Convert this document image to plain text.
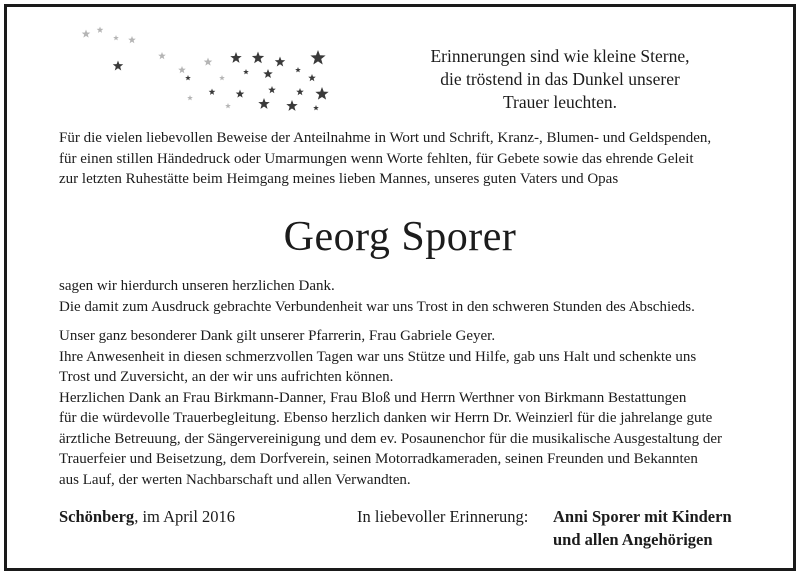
Erinnerungen sind wie kleine Sterne,
die tröstend in das Dunkel unserer
Trauer leuchten.

Für die vielen liebevollen Beweise der Anteilnahme in Wort und Schrift, Kranz-, Blumen- und Geldspenden,
für einen stillen Händedruck oder Umarmungen wenn Worte fehlten, für Gebete sowie das ehrende Geleit
zur letzten Ruhestätte beim Heimgang meines lieben Mannes, unseres guten Vaters und Opas

Georg Sporer

sagen wir hierdurch unseren herzlichen Dank.
Die damit zum Ausdruck gebrachte Verbundenheit war uns Trost in den schweren Stunden des Abschieds.

Unser ganz besonderer Dank gilt unserer Pfarrerin, Frau Gabriele Geyer.
Ihre Anwesenheit in diesen schmerzvollen Tagen war uns Stütze und Hilfe, gab uns Halt und schenkte uns
Trost und Zuversicht, an der wir uns aufrichten können.
Herzlichen Dank an Frau Birkmann-Danner, Frau Bloß und Herrn Werthner von Birkmann Bestattungen
für die würdevolle Trauerbegleitung. Ebenso herzlich danken wir Herrn Dr. Weinzierl für die jahrelange gute
ärztliche Betreuung, der Sängervereinigung und dem ev. Posaunenchor für die musikalische Ausgestaltung der
Trauerfeier und Beisetzung, dem Dorfverein, seinen Motorradkameraden, seinen Freunden und Bekannten
aus Lauf, der werten Nachbarschaft und allen Verwandten.

Schönberg, im April 2016	In liebevoller Erinnerung: Anni Sporer mit Kindern
und allen Angehörigen
